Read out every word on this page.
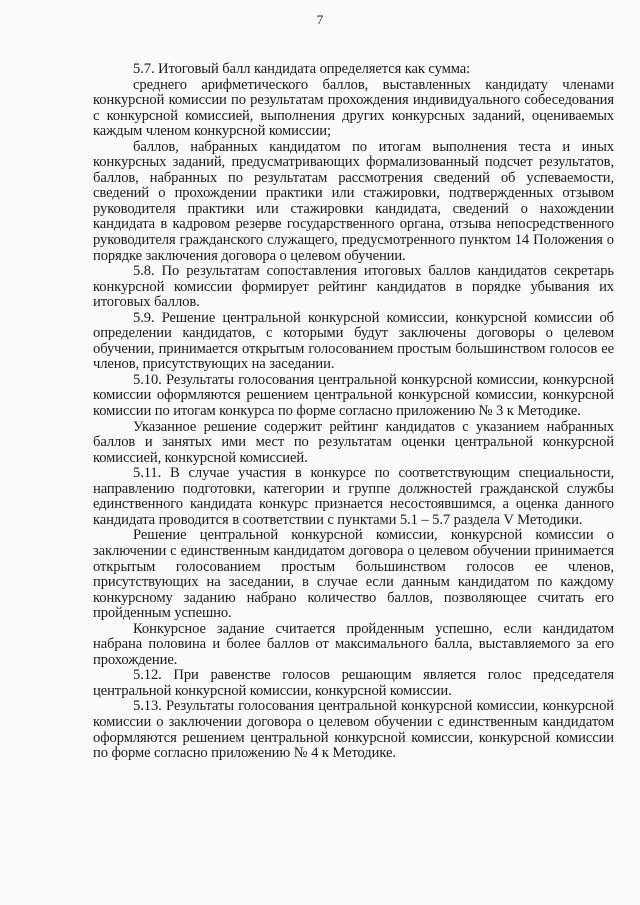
7

5.7. Итоговый балл кандидата определяется как сумма:

среднего арифметического баллов, выставленных кандидату членами конкурсной комиссии по результатам прохождения индивидуального собеседования с конкурсной комиссией, выполнения других конкурсных заданий, оцениваемых каждым членом конкурсной комиссии;

баллов, набранных кандидатом по итогам выполнения теста и иных конкурсных заданий, предусматривающих формализованный подсчет результатов, баллов, набранных по результатам рассмотрения сведений об успеваемости, сведений о прохождении практики или стажировки, подтвержденных отзывом руководителя практики или стажировки кандидата, сведений о нахождении кандидата в кадровом резерве государственного органа, отзыва непосредственного руководителя гражданского служащего, предусмотренного пунктом 14 Положения о порядке заключения договора о целевом обучении.

5.8. По результатам сопоставления итоговых баллов кандидатов секретарь конкурсной комиссии формирует рейтинг кандидатов в порядке убывания их итоговых баллов.

5.9. Решение центральной конкурсной комиссии, конкурсной комиссии об определении кандидатов, с которыми будут заключены договоры о целевом обучении, принимается открытым голосованием простым большинством голосов ее членов, присутствующих на заседании.

5.10. Результаты голосования центральной конкурсной комиссии, конкурсной комиссии оформляются решением центральной конкурсной комиссии, конкурсной комиссии по итогам конкурса по форме согласно приложению № 3 к Методике.

Указанное решение содержит рейтинг кандидатов с указанием набранных баллов и занятых ими мест по результатам оценки центральной конкурсной комиссией, конкурсной комиссией.

5.11. В случае участия в конкурсе по соответствующим специальности, направлению подготовки, категории и группе должностей гражданской службы единственного кандидата конкурс признается несостоявшимся, а оценка данного кандидата проводится в соответствии с пунктами 5.1 – 5.7 раздела V Методики.

Решение центральной конкурсной комиссии, конкурсной комиссии о заключении с единственным кандидатом договора о целевом обучении принимается открытым голосованием простым большинством голосов ее членов, присутствующих на заседании, в случае если данным кандидатом по каждому конкурсному заданию набрано количество баллов, позволяющее считать его пройденным успешно.

Конкурсное задание считается пройденным успешно, если кандидатом набрана половина и более баллов от максимального балла, выставляемого за его прохождение.

5.12. При равенстве голосов решающим является голос председателя центральной конкурсной комиссии, конкурсной комиссии.

5.13. Результаты голосования центральной конкурсной комиссии, конкурсной комиссии о заключении договора о целевом обучении с единственным кандидатом оформляются решением центральной конкурсной комиссии, конкурсной комиссии по форме согласно приложению № 4 к Методике.
